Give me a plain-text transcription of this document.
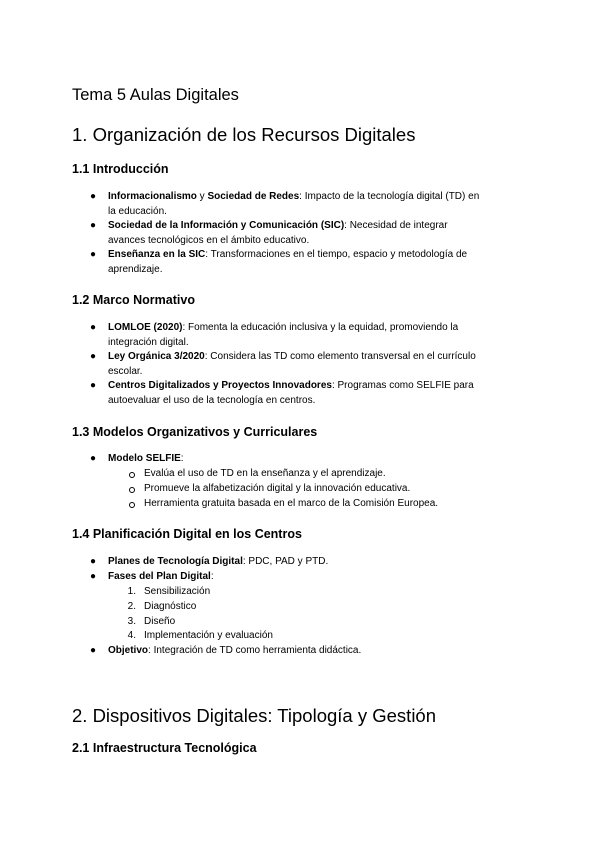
Tema 5 Aulas Digitales
1. Organización de los Recursos Digitales
1.1 Introducción
● Informacionalismo y Sociedad de Redes: Impacto de la tecnología digital (TD) en
la educación.
● Sociedad de la Información y Comunicación (SIC): Necesidad de integrar
avances tecnológicos en el ámbito educativo.
● Enseñanza en la SIC: Transformaciones en el tiempo, espacio y metodología de
aprendizaje.
1.2 Marco Normativo
● LOMLOE (2020): Fomenta la educación inclusiva y la equidad, promoviendo la
integración digital.
● Ley Orgánica 3/2020: Considera las TD como elemento transversal en el currículo
escolar.
● Centros Digitalizados y Proyectos Innovadores: Programas como SELFIE para
autoevaluar el uso de la tecnología en centros.
1.3 Modelos Organizativos y Curriculares
● Modelo SELFIE:
Evalúa el uso de TD en la enseñanza y el aprendizaje.
Promueve la alfabetización digital y la innovación educativa.
Herramienta gratuita basada en el marco de la Comisión Europea.
1.4 Planificación Digital en los Centros
● Planes de Tecnología Digital: PDC, PAD y PTD.
● Fases del Plan Digital:
1. Sensibilización
2. Diagnóstico
3. Diseño
4. Implementación y evaluación
● Objetivo: Integración de TD como herramienta didáctica.
2. Dispositivos Digitales: Tipología y Gestión
2.1 Infraestructura Tecnológica
